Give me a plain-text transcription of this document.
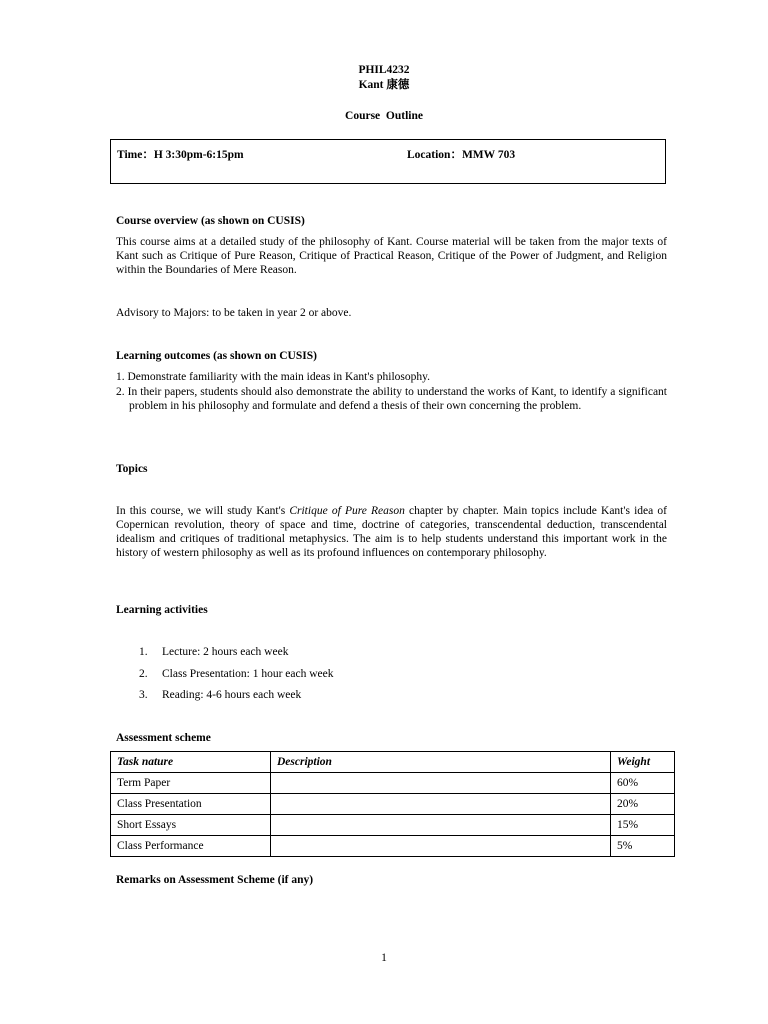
PHIL4232
Kant 康德
Course  Outline
Time：H 3:30pm-6:15pm	Location：MMW 703
Course overview (as shown on CUSIS)
This course aims at a detailed study of the philosophy of Kant. Course material will be taken from the major texts of Kant such as Critique of Pure Reason, Critique of Practical Reason, Critique of the Power of Judgment, and Religion within the Boundaries of Mere Reason.
Advisory to Majors: to be taken in year 2 or above.
Learning outcomes (as shown on CUSIS)
1. Demonstrate familiarity with the main ideas in Kant's philosophy.
2. In their papers, students should also demonstrate the ability to understand the works of Kant, to identify a significant problem in his philosophy and formulate and defend a thesis of their own concerning the problem.
Topics
In this course, we will study Kant's Critique of Pure Reason chapter by chapter. Main topics include Kant's idea of Copernican revolution, theory of space and time, doctrine of categories, transcendental deduction, transcendental idealism and critiques of traditional metaphysics. The aim is to help students understand this important work in the history of western philosophy as well as its profound influences on contemporary philosophy.
Learning activities
1. Lecture: 2 hours each week
2. Class Presentation: 1 hour each week
3. Reading: 4-6 hours each week
Assessment scheme
Task nature	Description	Weight
Term Paper		60%
Class Presentation		20%
Short Essays		15%
Class Performance		5%
Remarks on Assessment Scheme (if any)
1
